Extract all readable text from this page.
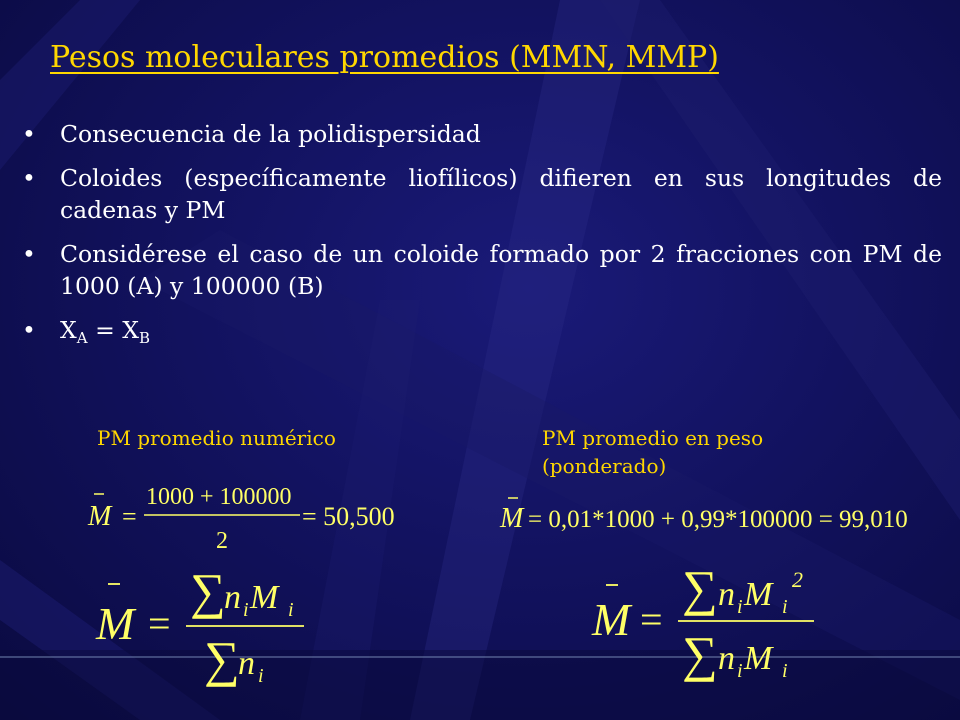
Pesos moleculares promedios (MMN, MMP)
• Consecuencia de la polidispersidad
• Coloides (específicamente liofílicos) difieren en sus longitudes de cadenas y PM
• Considérese el caso de un coloide formado por 2 fracciones con PM de 1000 (A) y 100000 (B)
• $X_A = X_B$
PM promedio numérico	PM promedio en peso
(ponderado)
M =
1000 + 100000
2
= 50,500	M = 0,01*1000 + 0,99*100000 = 99,010
M =
∑
n i M i
∑
n i
M =
∑ n i M i
2
∑ n i M i
